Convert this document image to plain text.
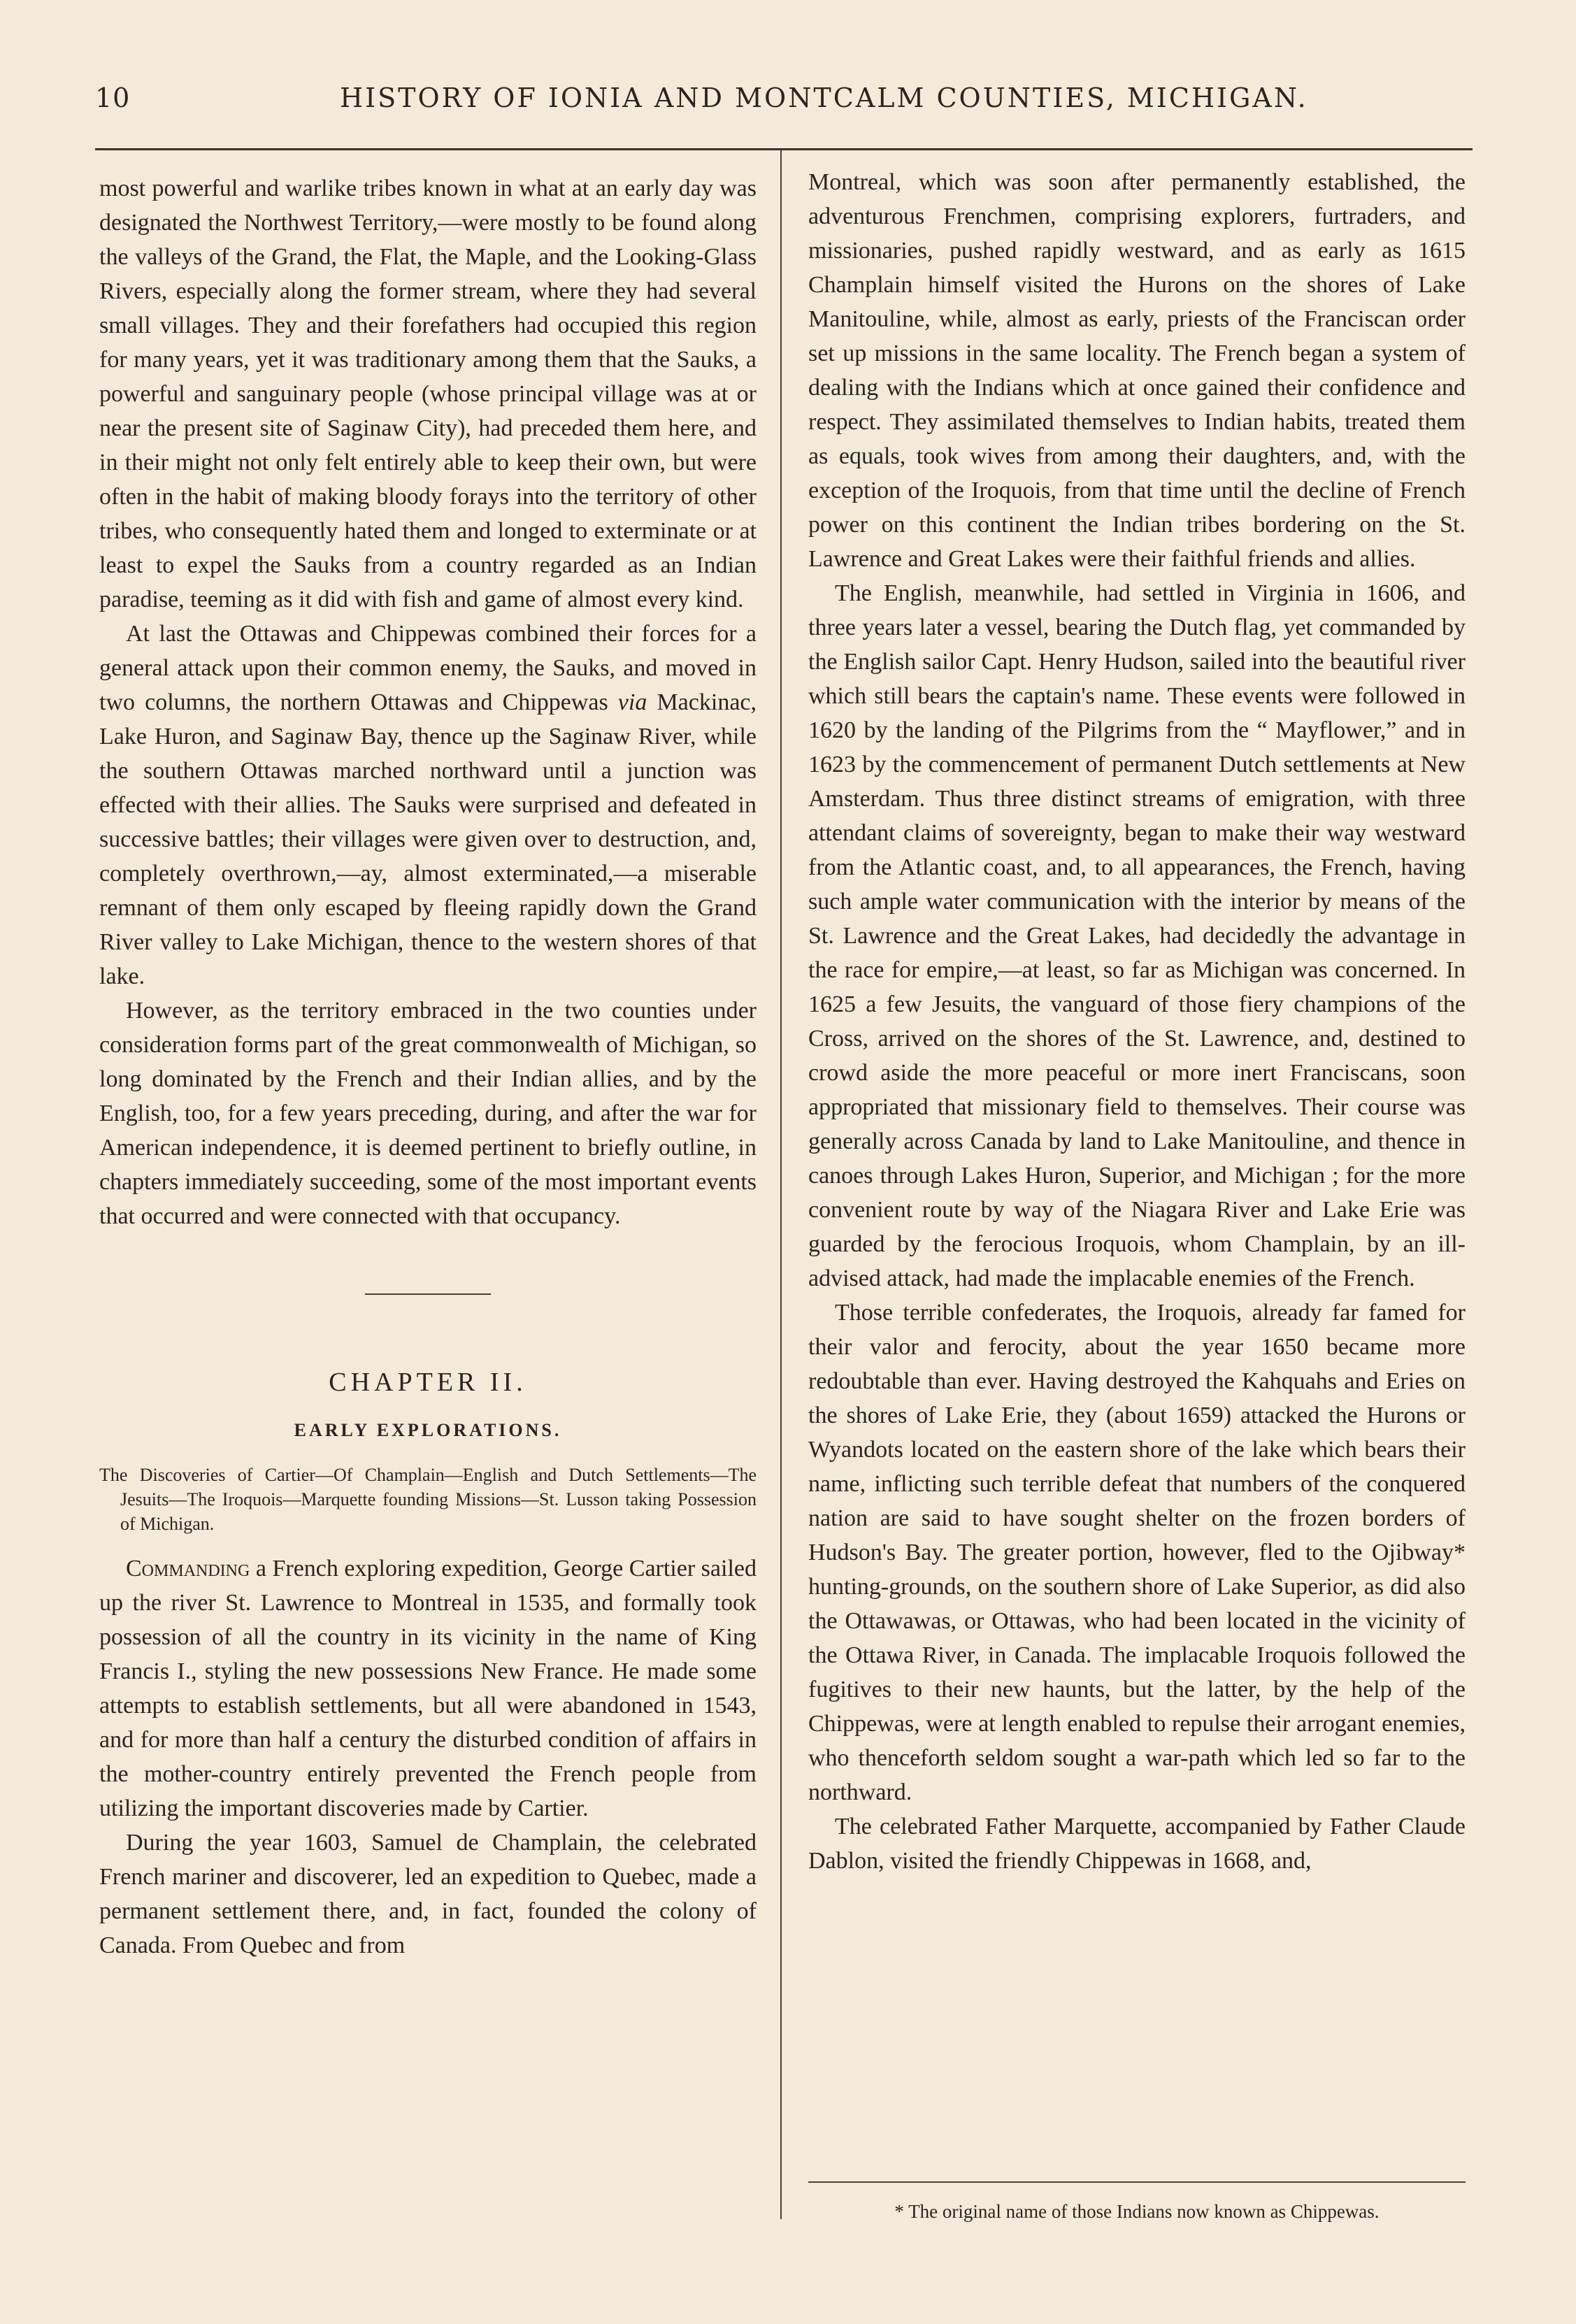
10	HISTORY OF IONIA AND MONTCALM COUNTIES, MICHIGAN.

most powerful and warlike tribes known in what at an early day was designated the Northwest Territory,—were mostly to be found along the valleys of the Grand, the Flat, the Maple, and the Looking-Glass Rivers, especially along the former stream, where they had several small villages. They and their forefathers had occupied this region for many years, yet it was traditionary among them that the Sauks, a powerful and sanguinary people (whose principal village was at or near the present site of Saginaw City), had preceded them here, and in their might not only felt entirely able to keep their own, but were often in the habit of making bloody forays into the territory of other tribes, who consequently hated them and longed to exterminate or at least to expel the Sauks from a country regarded as an Indian paradise, teeming as it did with fish and game of almost every kind.

At last the Ottawas and Chippewas combined their forces for a general attack upon their common enemy, the Sauks, and moved in two columns, the northern Ottawas and Chippewas via Mackinac, Lake Huron, and Saginaw Bay, thence up the Saginaw River, while the southern Ottawas marched northward until a junction was effected with their allies. The Sauks were surprised and defeated in successive battles; their villages were given over to destruction, and, completely overthrown,—ay, almost exterminated,—a miserable remnant of them only escaped by fleeing rapidly down the Grand River valley to Lake Michigan, thence to the western shores of that lake.

However, as the territory embraced in the two counties under consideration forms part of the great commonwealth of Michigan, so long dominated by the French and their Indian allies, and by the English, too, for a few years preceding, during, and after the war for American independence, it is deemed pertinent to briefly outline, in chapters immediately succeeding, some of the most important events that occurred and were connected with that occupancy.

CHAPTER II.
EARLY EXPLORATIONS.
The Discoveries of Cartier—Of Champlain—English and Dutch Settlements—The Jesuits—The Iroquois—Marquette founding Missions—St. Lusson taking Possession of Michigan.

Commanding a French exploring expedition, George Cartier sailed up the river St. Lawrence to Montreal in 1535, and formally took possession of all the country in its vicinity in the name of King Francis I., styling the new possessions New France. He made some attempts to establish settlements, but all were abandoned in 1543, and for more than half a century the disturbed condition of affairs in the mother-country entirely prevented the French people from utilizing the important discoveries made by Cartier.

During the year 1603, Samuel de Champlain, the celebrated French mariner and discoverer, led an expedition to Quebec, made a permanent settlement there, and, in fact, founded the colony of Canada. From Quebec and from

Montreal, which was soon after permanently established, the adventurous Frenchmen, comprising explorers, furtraders, and missionaries, pushed rapidly westward, and as early as 1615 Champlain himself visited the Hurons on the shores of Lake Manitouline, while, almost as early, priests of the Franciscan order set up missions in the same locality. The French began a system of dealing with the Indians which at once gained their confidence and respect. They assimilated themselves to Indian habits, treated them as equals, took wives from among their daughters, and, with the exception of the Iroquois, from that time until the decline of French power on this continent the Indian tribes bordering on the St. Lawrence and Great Lakes were their faithful friends and allies.

The English, meanwhile, had settled in Virginia in 1606, and three years later a vessel, bearing the Dutch flag, yet commanded by the English sailor Capt. Henry Hudson, sailed into the beautiful river which still bears the captain's name. These events were followed in 1620 by the landing of the Pilgrims from the “ Mayflower,” and in 1623 by the commencement of permanent Dutch settlements at New Amsterdam. Thus three distinct streams of emigration, with three attendant claims of sovereignty, began to make their way westward from the Atlantic coast, and, to all appearances, the French, having such ample water communication with the interior by means of the St. Lawrence and the Great Lakes, had decidedly the advantage in the race for empire,—at least, so far as Michigan was concerned. In 1625 a few Jesuits, the vanguard of those fiery champions of the Cross, arrived on the shores of the St. Lawrence, and, destined to crowd aside the more peaceful or more inert Franciscans, soon appropriated that missionary field to themselves. Their course was generally across Canada by land to Lake Manitouline, and thence in canoes through Lakes Huron, Superior, and Michigan ; for the more convenient route by way of the Niagara River and Lake Erie was guarded by the ferocious Iroquois, whom Champlain, by an ill-advised attack, had made the implacable enemies of the French.

Those terrible confederates, the Iroquois, already far famed for their valor and ferocity, about the year 1650 became more redoubtable than ever. Having destroyed the Kahquahs and Eries on the shores of Lake Erie, they (about 1659) attacked the Hurons or Wyandots located on the eastern shore of the lake which bears their name, inflicting such terrible defeat that numbers of the conquered nation are said to have sought shelter on the frozen borders of Hudson's Bay. The greater portion, however, fled to the Ojibway* hunting-grounds, on the southern shore of Lake Superior, as did also the Ottawawas, or Ottawas, who had been located in the vicinity of the Ottawa River, in Canada. The implacable Iroquois followed the fugitives to their new haunts, but the latter, by the help of the Chippewas, were at length enabled to repulse their arrogant enemies, who thenceforth seldom sought a war-path which led so far to the northward.

The celebrated Father Marquette, accompanied by Father Claude Dablon, visited the friendly Chippewas in 1668, and,

* The original name of those Indians now known as Chippewas.
